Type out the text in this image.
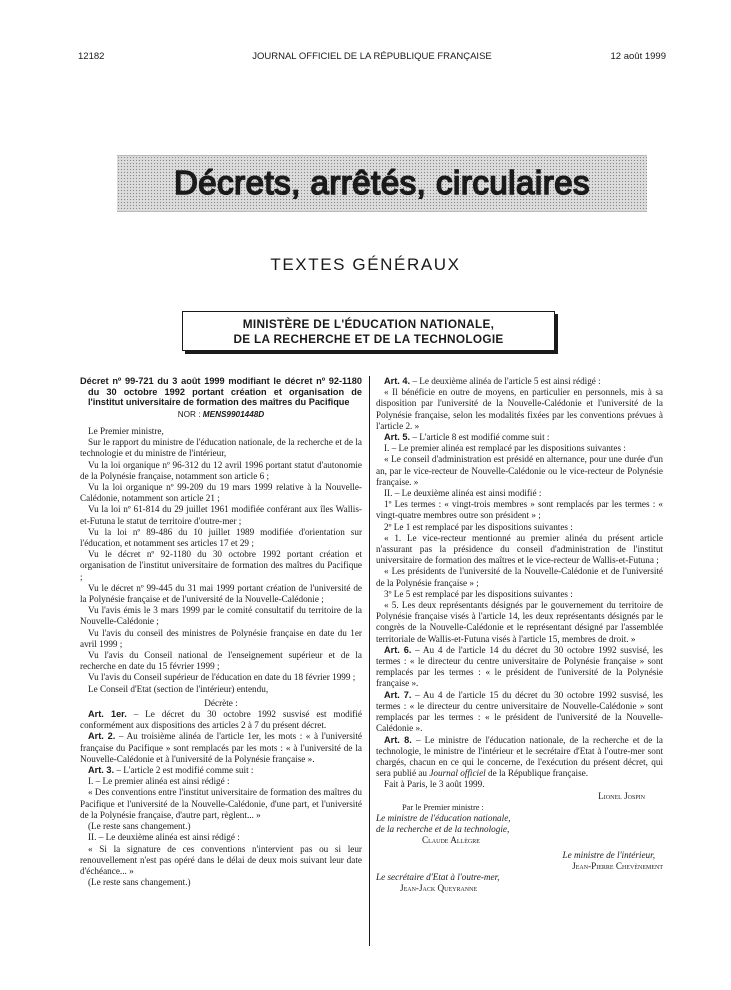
12182	JOURNAL OFFICIEL DE LA RÉPUBLIQUE FRANÇAISE	12 août 1999
Décrets, arrêtés, circulaires
TEXTES GÉNÉRAUX
MINISTÈRE DE L'ÉDUCATION NATIONALE,
DE LA RECHERCHE ET DE LA TECHNOLOGIE
Décret nº 99-721 du 3 août 1999 modifiant le décret nº 92-1180 du 30 octobre 1992 portant création et organisation de l'institut universitaire de formation des maîtres du Pacifique
NOR : MENS9901448D

Le Premier ministre,

Sur le rapport du ministre de l'éducation nationale, de la recherche et de la technologie et du ministre de l'intérieur,

Vu la loi organique nº 96-312 du 12 avril 1996 portant statut d'autonomie de la Polynésie française, notamment son article 6 ;

Vu la loi organique nº 99-209 du 19 mars 1999 relative à la Nouvelle-Calédonie, notamment son article 21 ;

Vu la loi nº 61-814 du 29 juillet 1961 modifiée conférant aux îles Wallis-et-Futuna le statut de territoire d'outre-mer ;

Vu la loi nº 89-486 du 10 juillet 1989 modifiée d'orientation sur l'éducation, et notamment ses articles 17 et 29 ;

Vu le décret nº 92-1180 du 30 octobre 1992 portant création et organisation de l'institut universitaire de formation des maîtres du Pacifique ;

Vu le décret nº 99-445 du 31 mai 1999 portant création de l'université de la Polynésie française et de l'université de la Nouvelle-Calédonie ;

Vu l'avis émis le 3 mars 1999 par le comité consultatif du territoire de la Nouvelle-Calédonie ;

Vu l'avis du conseil des ministres de Polynésie française en date du 1er avril 1999 ;

Vu l'avis du Conseil national de l'enseignement supérieur et de la recherche en date du 15 février 1999 ;

Vu l'avis du Conseil supérieur de l'éducation en date du 18 février 1999 ;

Le Conseil d'Etat (section de l'intérieur) entendu,

Décrète :

Art. 1er. – Le décret du 30 octobre 1992 susvisé est modifié conformément aux dispositions des articles 2 à 7 du présent décret.

Art. 2. – Au troisième alinéa de l'article 1er, les mots : « à l'université française du Pacifique » sont remplacés par les mots : « à l'université de la Nouvelle-Calédonie et à l'université de la Polynésie française ».

Art. 3. – L'article 2 est modifié comme suit :

I. – Le premier alinéa est ainsi rédigé :

« Des conventions entre l'institut universitaire de formation des maîtres du Pacifique et l'université de la Nouvelle-Calédonie, d'une part, et l'université de la Polynésie française, d'autre part, règlent... »

(Le reste sans changement.)

II. – Le deuxième alinéa est ainsi rédigé :

« Si la signature de ces conventions n'intervient pas ou si leur renouvellement n'est pas opéré dans le délai de deux mois suivant leur date d'échéance... »

(Le reste sans changement.)

Art. 4. – Le deuxième alinéa de l'article 5 est ainsi rédigé :

« Il bénéficie en outre de moyens, en particulier en personnels, mis à sa disposition par l'université de la Nouvelle-Calédonie et l'université de la Polynésie française, selon les modalités fixées par les conventions prévues à l'article 2. »

Art. 5. – L'article 8 est modifié comme suit :

I. – Le premier alinéa est remplacé par les dispositions suivantes :

« Le conseil d'administration est présidé en alternance, pour une durée d'un an, par le vice-recteur de Nouvelle-Calédonie ou le vice-recteur de Polynésie française. »

II. – Le deuxième alinéa est ainsi modifié :

1º Les termes : « vingt-trois membres » sont remplacés par les termes : « vingt-quatre membres outre son président » ;

2º Le 1 est remplacé par les dispositions suivantes :

« 1. Le vice-recteur mentionné au premier alinéa du présent article n'assurant pas la présidence du conseil d'administration de l'institut universitaire de formation des maîtres et le vice-recteur de Wallis-et-Futuna ;

« Les présidents de l'université de la Nouvelle-Calédonie et de l'université de la Polynésie française » ;

3º Le 5 est remplacé par les dispositions suivantes :

« 5. Les deux représentants désignés par le gouvernement du territoire de Polynésie française visés à l'article 14, les deux représentants désignés par le congrès de la Nouvelle-Calédonie et le représentant désigné par l'assemblée territoriale de Wallis-et-Futuna visés à l'article 15, membres de droit. »

Art. 6. – Au 4 de l'article 14 du décret du 30 octobre 1992 susvisé, les termes : « le directeur du centre universitaire de Polynésie française » sont remplacés par les termes : « le président de l'université de la Polynésie française ».

Art. 7. – Au 4 de l'article 15 du décret du 30 octobre 1992 susvisé, les termes : « le directeur du centre universitaire de Nouvelle-Calédonie » sont remplacés par les termes : « le président de l'université de la Nouvelle-Calédonie ».

Art. 8. – Le ministre de l'éducation nationale, de la recherche et de la technologie, le ministre de l'intérieur et le secrétaire d'Etat à l'outre-mer sont chargés, chacun en ce qui le concerne, de l'exécution du présent décret, qui sera publié au Journal officiel de la République française.

Fait à Paris, le 3 août 1999.

Lionel Jospin

Par le Premier ministre :

Le ministre de l'éducation nationale,

de la recherche et de la technologie,

Claude Allègre

Le ministre de l'intérieur,

Jean-Pierre Chevènement

Le secrétaire d'Etat à l'outre-mer,

Jean-Jack Queyranne
